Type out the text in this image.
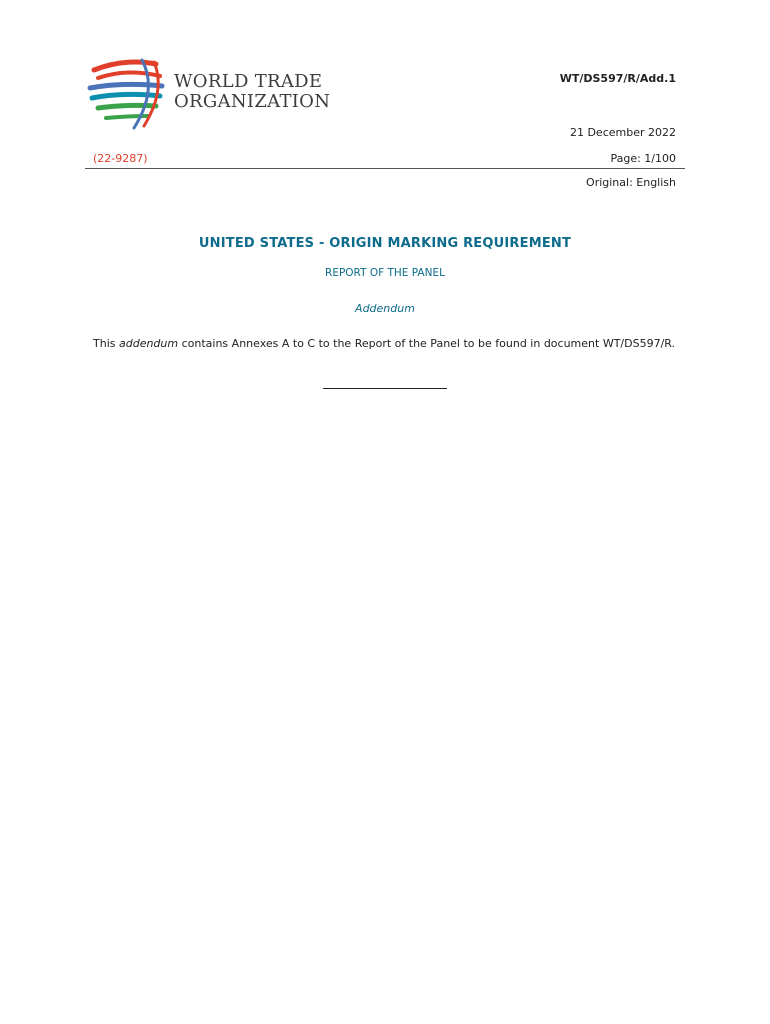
WORLD TRADE
ORGANIZATION
WT/DS597/R/Add.1
21 December 2022
(22-9287)	Page: 1/100
Original: English
UNITED STATES - ORIGIN MARKING REQUIREMENT
REPORT OF THE PANEL
Addendum

This addendum contains Annexes A to C to the Report of the Panel to be found in document WT/DS597/R.
